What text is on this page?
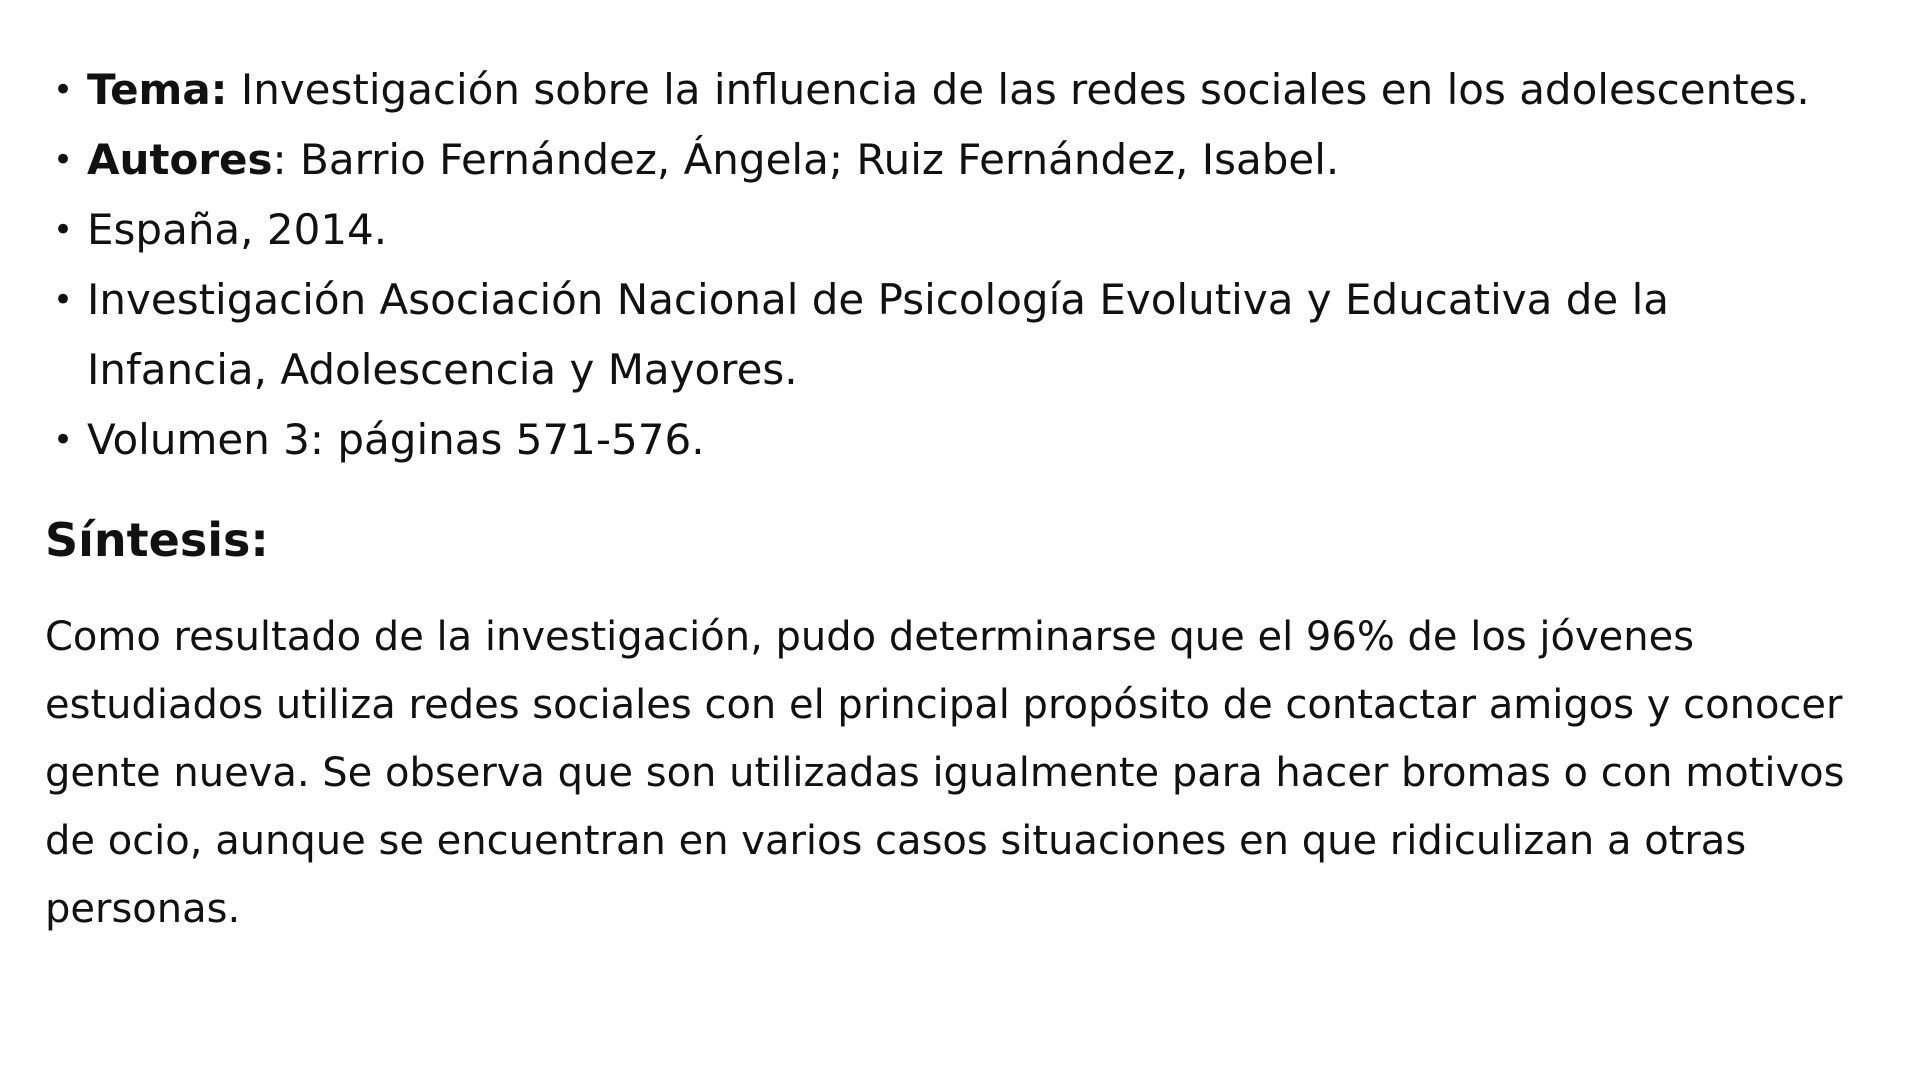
• Tema: Investigación sobre la influencia de las redes sociales en los adolescentes.
• Autores: Barrio Fernández, Ángela; Ruiz Fernández, Isabel.
• España, 2014.
• Investigación Asociación Nacional de Psicología Evolutiva y Educativa de la Infancia, Adolescencia y Mayores.
• Volumen 3: páginas 571-576.
Síntesis:

Como resultado de la investigación, pudo determinarse que el 96% de los jóvenes estudiados utiliza redes sociales con el principal propósito de contactar amigos y conocer gente nueva. Se observa que son utilizadas igualmente para hacer bromas o con motivos de ocio, aunque se encuentran en varios casos situaciones en que ridiculizan a otras personas.
